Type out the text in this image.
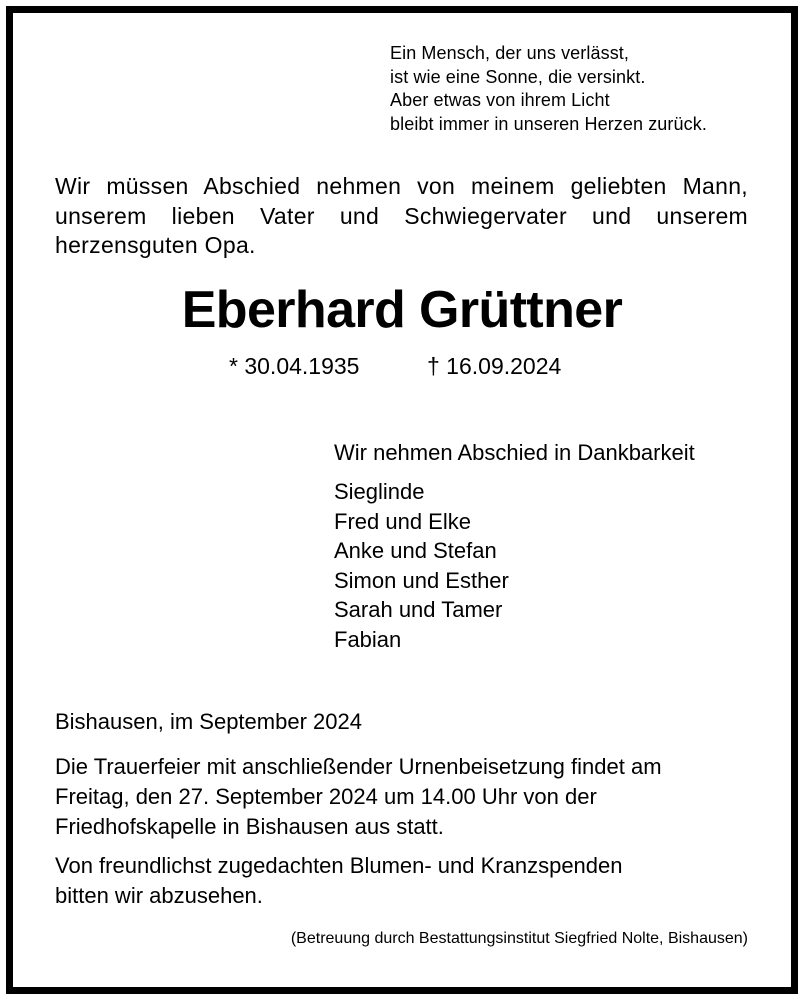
Ein Mensch, der uns verlässt,
ist wie eine Sonne, die versinkt.
Aber etwas von ihrem Licht
bleibt immer in unseren Herzen zurück.
Wir müssen Abschied nehmen von meinem geliebten Mann, unserem lieben Vater und Schwiegervater und unserem herzensguten Opa.
Eberhard Grüttner
* 30.04.1935	† 16.09.2024
Wir nehmen Abschied in Dankbarkeit
Sieglinde
Fred und Elke
Anke und Stefan
Simon und Esther
Sarah und Tamer
Fabian
Bishausen, im September 2024
Die Trauerfeier mit anschließender Urnenbeisetzung findet am
Freitag, den 27. September 2024 um 14.00 Uhr von der
Friedhofskapelle in Bishausen aus statt.
Von freundlichst zugedachten Blumen- und Kranzspenden
bitten wir abzusehen.
(Betreuung durch Bestattungsinstitut Siegfried Nolte, Bishausen)
